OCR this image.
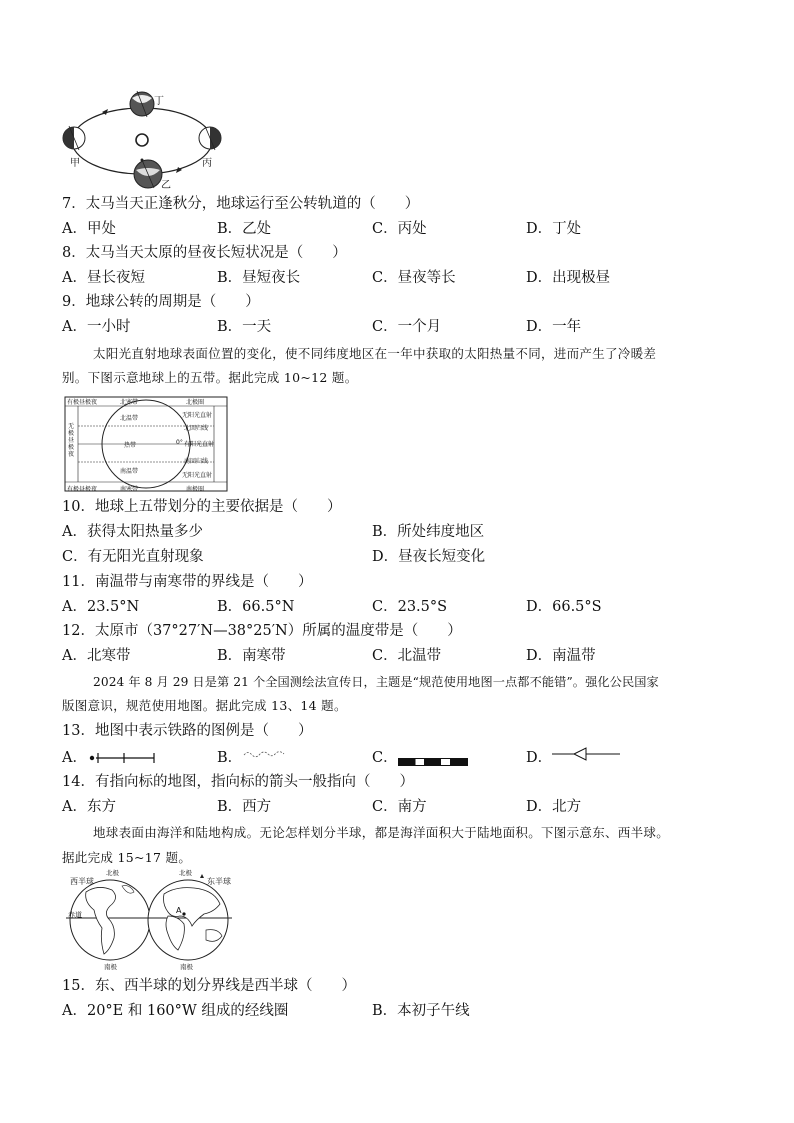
甲
乙
丙
丁
7．太马当天正逢秋分，地球运行至公转轨道的（　　）
A．甲处	B．乙处	C．丙处	D．丁处
8．太马当天太原的昼夜长短状况是（　　）
A．昼长夜短	B．昼短夜长	C．昼夜等长	D．出现极昼
9．地球公转的周期是（　　）
A．一小时	B．一天	C．一个月	D．一年
太阳光直射地球表面位置的变化，使不同纬度地区在一年中获取的太阳热量不同，进而产生了冷暖差
别。下图示意地球上的五带。据此完成 10~12 题。
有极昼极夜	北寒带	北极圈
北温带	无阳光直射
北回归线
无极昼极夜
热带	0° 有阳光直射
南回归线
南温带
无阳光直射
有极昼极夜	南寒带	南极圈
10．地球上五带划分的主要依据是（　　）
A．获得太阳热量多少	B．所处纬度地区
C．有无阳光直射现象	D．昼夜长短变化
11．南温带与南寒带的界线是（　　）
A．23.5°N	B．66.5°N	C．23.5°S	D．66.5°S
12．太原市（37°27′N—38°25′N）所属的温度带是（　　）
A．北寒带	B．南寒带	C．北温带	D．南温带
2024 年 8 月 29 日是第 21 个全国测绘法宣传日，主题是“规范使用地图一点都不能错”。强化公民国家
版图意识，规范使用地图。据此完成 13、14 题。
13．地图中表示铁路的图例是（　　）
A．	B．	C．	D．
14．有指向标的地图，指向标的箭头一般指向（　　）
A．东方	B．西方	C．南方	D．北方
地球表面由海洋和陆地构成。无论怎样划分半球，都是海洋面积大于陆地面积。下图示意东、西半球。
据此完成 15~17 题。
西半球
北极	北极
东半球
赤道	A
南极	南极
15．东、西半球的划分界线是西半球（　　）
A．20°E 和 160°W 组成的经线圈	B．本初子午线
